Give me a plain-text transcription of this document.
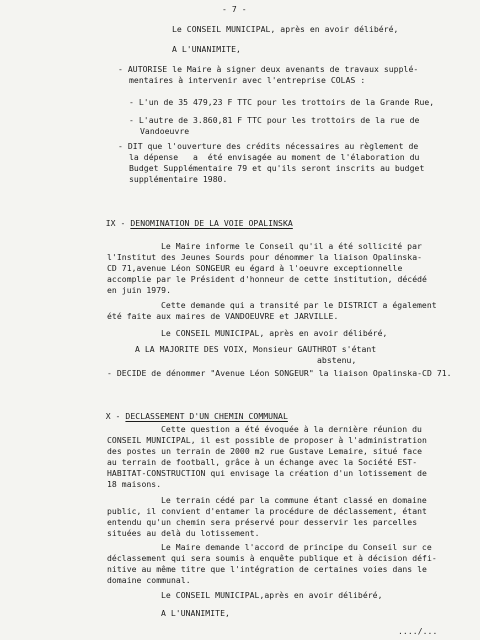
- 7 -
Le CONSEIL MUNICIPAL, après en avoir délibéré,
A L'UNANIMITE,
- AUTORISE le Maire à signer deux avenants de travaux supplé-
mentaires à intervenir avec l'entreprise COLAS :
- L'un de 35 479,23 F TTC pour les trottoirs de la Grande Rue,
- L'autre de 3.860,81 F TTC pour les trottoirs de la rue de
Vandoeuvre
- DIT que l'ouverture des crédits nécessaires au règlement de
la dépense   a  été envisagée au moment de l'élaboration du
Budget Supplémentaire 79 et qu'ils seront inscrits au budget
supplémentaire 1980.

IX - DENOMINATION DE LA VOIE OPALINSKA

Le Maire informe le Conseil qu'il a été sollicité par
l'Institut des Jeunes Sourds pour dénommer la liaison Opalinska-
CD 71,avenue Léon SONGEUR eu égard à l'oeuvre exceptionnelle
accomplie par le Président d'honneur de cette institution, décédé
en juin 1979.
Cette demande qui a transité par le DISTRICT a également
été faite aux maires de VANDOEUVRE et JARVILLE.
Le CONSEIL MUNICIPAL, après en avoir délibéré,
A LA MAJORITE DES VOIX, Monsieur GAUTHROT s'étant
abstenu,
- DECIDE de dénommer "Avenue Léon SONGEUR" la liaison Opalinska-CD 71.

X - DECLASSEMENT D'UN CHEMIN COMMUNAL

Cette question a été évoquée à la dernière réunion du
CONSEIL MUNICIPAL, il est possible de proposer à l'administration
des postes un terrain de 2000 m2 rue Gustave Lemaire, situé face
au terrain de football, grâce à un échange avec la Société EST-
HABITAT-CONSTRUCTION qui envisage la création d'un lotissement de
18 maisons.
Le terrain cédé par la commune étant classé en domaine
public, il convient d'entamer la procédure de déclassement, étant
entendu qu'un chemin sera préservé pour desservir les parcelles
situées au delà du lotissement.
Le Maire demande l'accord de principe du Conseil sur ce
déclassement qui sera soumis à enquête publique et à décision défi-
nitive au même titre que l'intégration de certaines voies dans le
domaine communal.
Le CONSEIL MUNICIPAL,après en avoir délibéré,
A L'UNANIMITE,
..../...
